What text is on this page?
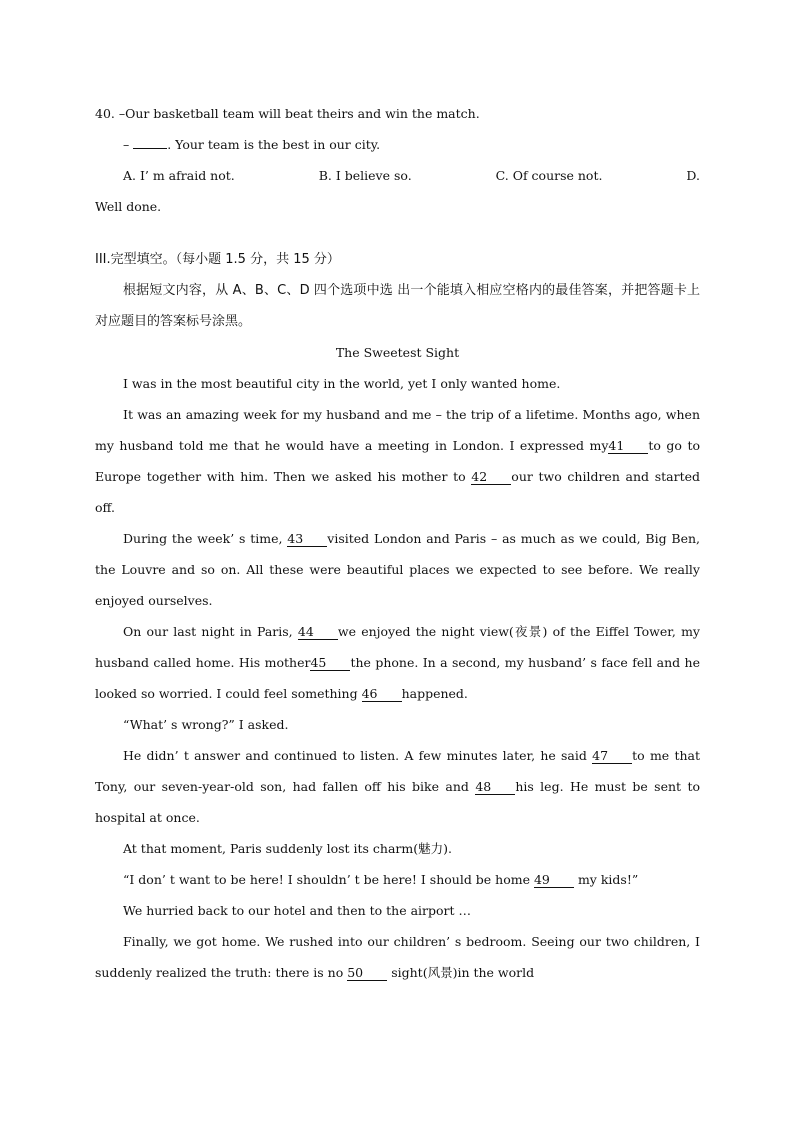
40. –Our basketball team will beat theirs and win the match.

–	. Your team is the best in our city.

A. I’ m afraid not.	B. I believe so.	C. Of course not.	D.

Well done.

III.完型填空。（每小题 1.5 分，共 15 分）

根据短文内容，从 A、B、C、D 四个选项中选 出一个能填入相应空格内的最佳答案，并把答题卡上对应题目的答案标号涂黑。

The Sweetest Sight

I was in the most beautiful city in the world, yet I only wanted home.

It was an amazing week for my husband and me – the trip of a lifetime. Months ago, when my husband told me that he would have a meeting in London. I expressed my41 to go to Europe together with him. Then we asked his mother to 42 our two children and started off.

During the week’ s time, 43 visited London and Paris – as much as we could, Big Ben, the Louvre and so on. All these were beautiful places we expected to see before. We really enjoyed ourselves.

On our last night in Paris, 44 we enjoyed the night view(夜景) of the Eiffel Tower, my husband called home. His mother45 the phone. In a second, my husband’ s face fell and he looked so worried. I could feel something 46 happened.

“What’ s wrong?” I asked.

He didn’ t answer and continued to listen. A few minutes later, he said 47 to me that Tony, our seven-year-old son, had fallen off his bike and 48 his leg. He must be sent to hospital at once.

At that moment, Paris suddenly lost its charm(魅力).

“I don’ t want to be here! I shouldn’ t be here! I should be home 49 my kids!”

We hurried back to our hotel and then to the airport …

Finally, we got home. We rushed into our children’ s bedroom. Seeing our two children, I suddenly realized the truth: there is no 50 sight(风景)in the world
